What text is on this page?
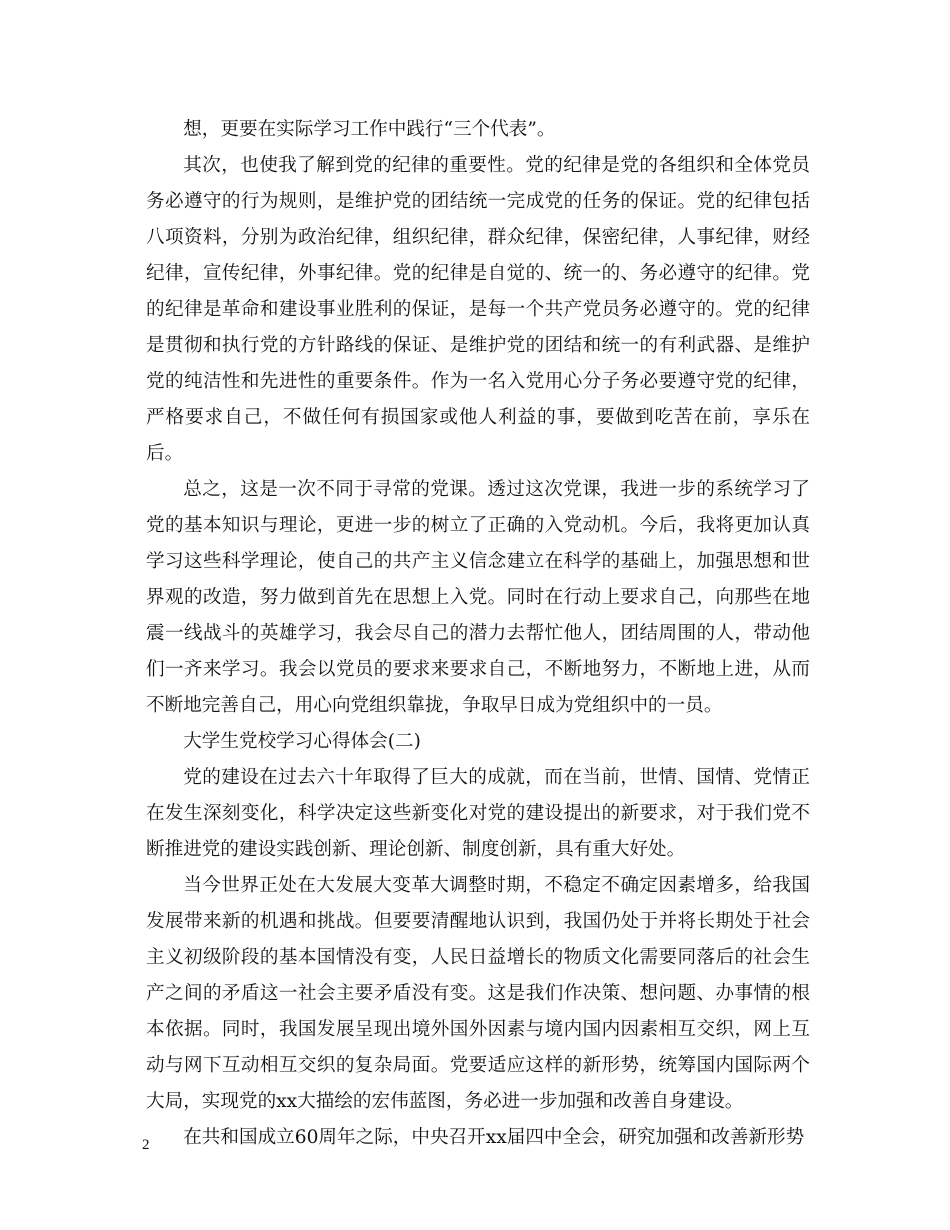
想，更要在实际学习工作中践行“三个代表”。

其次，也使我了解到党的纪律的重要性。党的纪律是党的各组织和全体党员务必遵守的行为规则，是维护党的团结统一完成党的任务的保证。党的纪律包括八项资料，分别为政治纪律，组织纪律，群众纪律，保密纪律，人事纪律，财经纪律，宣传纪律，外事纪律。党的纪律是自觉的、统一的、务必遵守的纪律。党的纪律是革命和建设事业胜利的保证，是每一个共产党员务必遵守的。党的纪律是贯彻和执行党的方针路线的保证、是维护党的团结和统一的有利武器、是维护党的纯洁性和先进性的重要条件。作为一名入党用心分子务必要遵守党的纪律，严格要求自己，不做任何有损国家或他人利益的事，要做到吃苦在前，享乐在后。

总之，这是一次不同于寻常的党课。透过这次党课，我进一步的系统学习了党的基本知识与理论，更进一步的树立了正确的入党动机。今后，我将更加认真学习这些科学理论，使自己的共产主义信念建立在科学的基础上，加强思想和世界观的改造，努力做到首先在思想上入党。同时在行动上要求自己，向那些在地震一线战斗的英雄学习，我会尽自己的潜力去帮忙他人，团结周围的人，带动他们一齐来学习。我会以党员的要求来要求自己，不断地努力，不断地上进，从而不断地完善自己，用心向党组织靠拢，争取早日成为党组织中的一员。

大学生党校学习心得体会(二)

党的建设在过去六十年取得了巨大的成就，而在当前，世情、国情、党情正在发生深刻变化，科学决定这些新变化对党的建设提出的新要求，对于我们党不断推进党的建设实践创新、理论创新、制度创新，具有重大好处。

当今世界正处在大发展大变革大调整时期，不稳定不确定因素增多，给我国发展带来新的机遇和挑战。但要要清醒地认识到，我国仍处于并将长期处于社会主义初级阶段的基本国情没有变，人民日益增长的物质文化需要同落后的社会生产之间的矛盾这一社会主要矛盾没有变。这是我们作决策、想问题、办事情的根本依据。同时，我国发展呈现出境外国外因素与境内国内因素相互交织，网上互动与网下互动相互交织的复杂局面。党要适应这样的新形势，统筹国内国际两个大局，实现党的xx大描绘的宏伟蓝图，务必进一步加强和改善自身建设。

在共和国成立60周年之际，中央召开xx届四中全会，研究加强和改善新形势

2
